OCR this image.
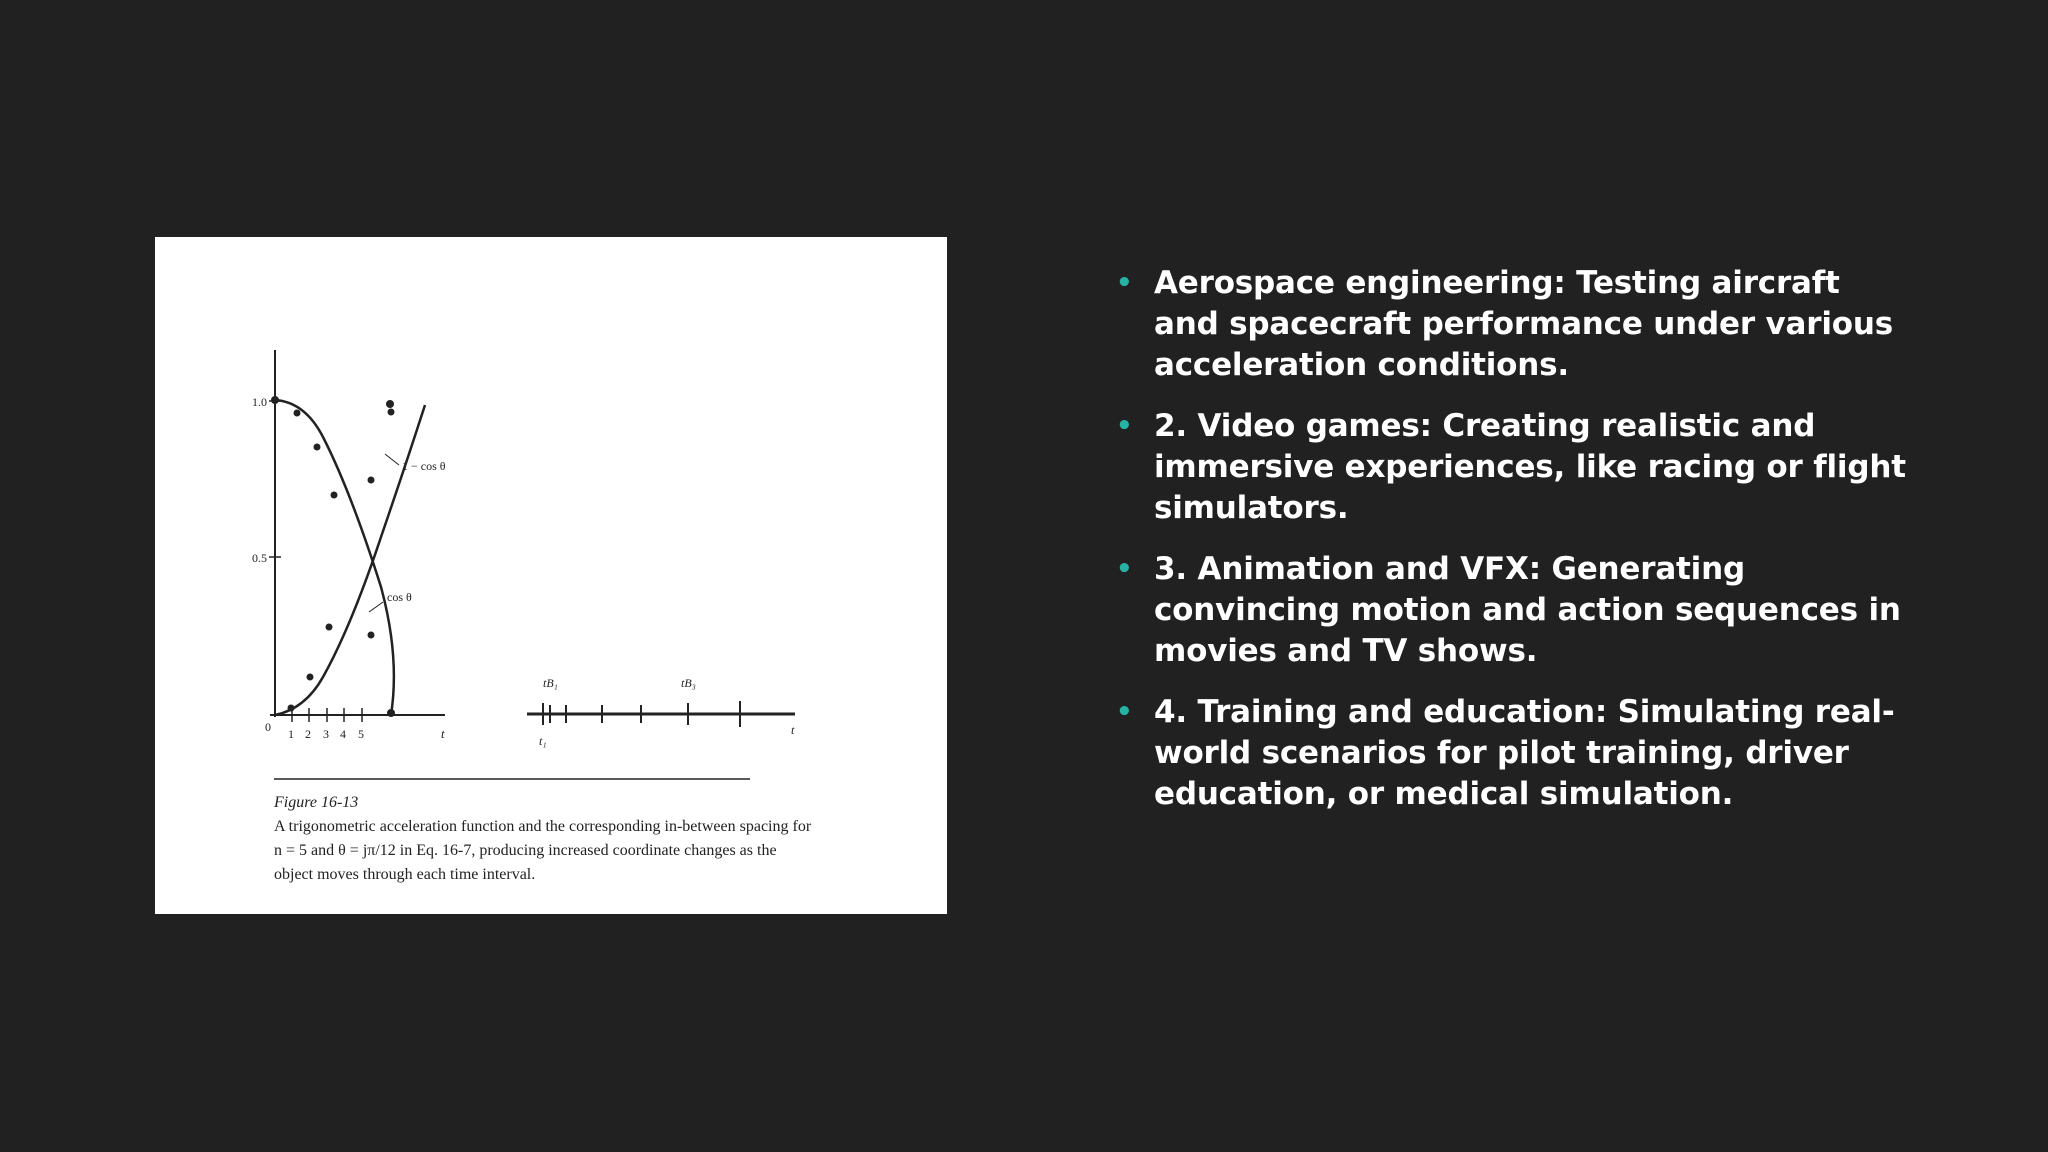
1.0
0.5
0 1 2 3 4 5	t
1 − cos θ
cos θ
tB₁	tB₃
t₁
t
Figure 16-13
A trigonometric acceleration function and the corresponding in-between spacing for n = 5 and θ = jπ/12 in Eq. 16-7, producing increased coordinate changes as the object moves through each time interval.
• Aerospace engineering: Testing aircraft and spacecraft performance under various acceleration conditions.
• 2. Video games: Creating realistic and immersive experiences, like racing or flight simulators.
• 3. Animation and VFX: Generating convincing motion and action sequences in movies and TV shows.
• 4. Training and education: Simulating real-world scenarios for pilot training, driver education, or medical simulation.
